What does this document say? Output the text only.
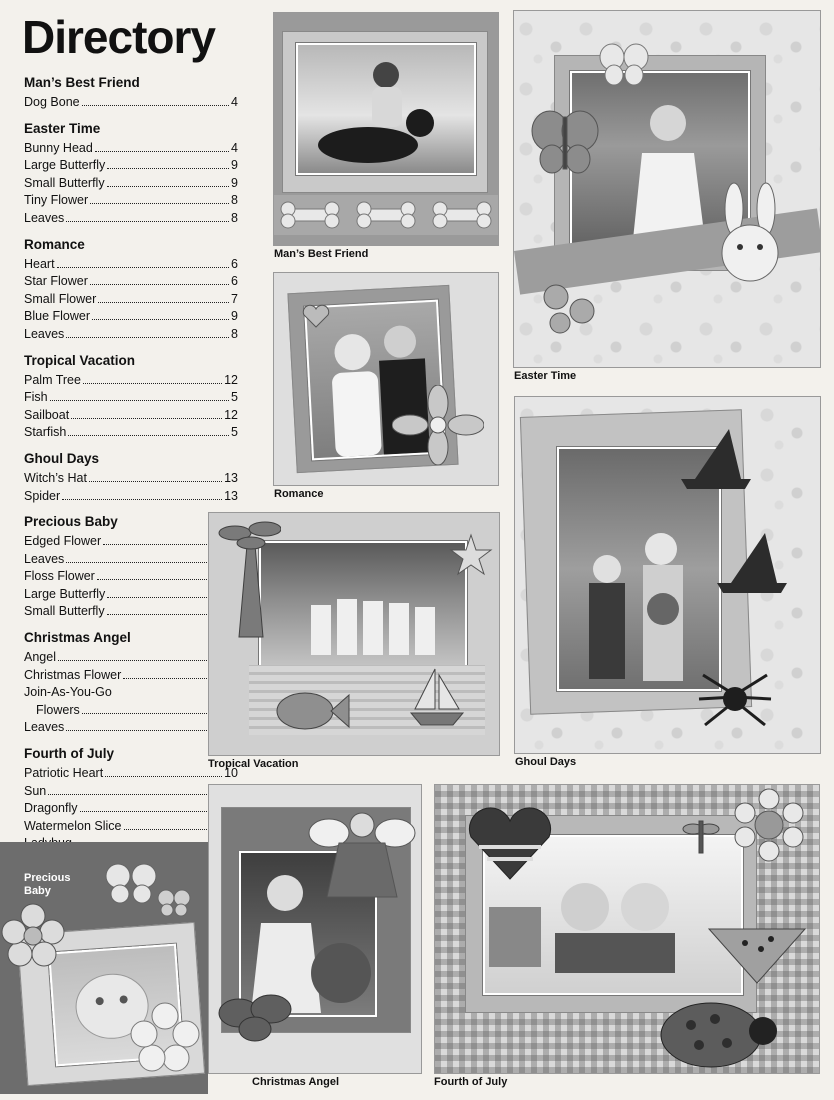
Directory
Man’s Best Friend
Dog Bone	4
Easter Time
Bunny Head	4
Large Butterfly	9
Small Butterfly	9
Tiny Flower	8
Leaves	8
Romance
Heart	6
Star Flower	6
Small Flower	7
Blue Flower	9
Leaves	8
Tropical Vacation
Palm Tree	12
Fish	5
Sailboat	12
Starfish	5
Ghoul Days
Witch’s Hat	13
Spider	13
Precious Baby
Edged Flower
Leaves
Floss Flower
Large Butterfly
Small Butterfly
Christmas Angel
Angel
Christmas Flower
Join-As-You-Go
Flowers
Leaves
Fourth of July
Patriotic Heart	10
Sun
Dragonfly
Watermelon Slice
Man’s Best Friend
Easter Time
Romance
Tropical Vacation	Ghoul Days
Precious
Baby
Christmas Angel	Fourth of July
